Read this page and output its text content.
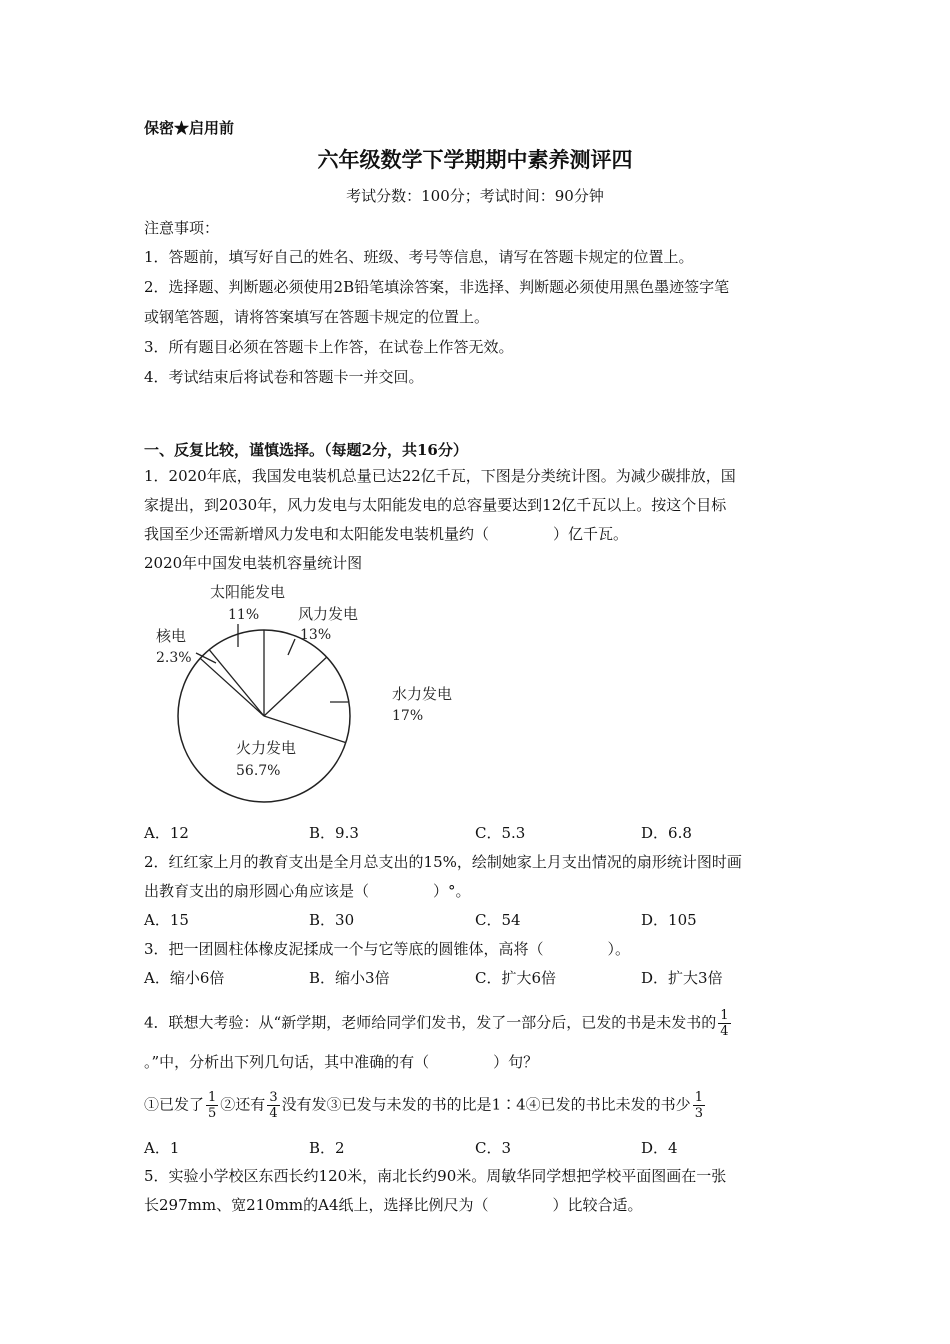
保密★启用前
六年级数学下学期期中素养测评四
考试分数：100分；考试时间：90分钟
注意事项：
1．答题前，填写好自己的姓名、班级、考号等信息，请写在答题卡规定的位置上。
2．选择题、判断题必须使用2B铅笔填涂答案，非选择、判断题必须使用黑色墨迹签字笔
或钢笔答题，请将答案填写在答题卡规定的位置上。
3．所有题目必须在答题卡上作答，在试卷上作答无效。
4．考试结束后将试卷和答题卡一并交回。
一、反复比较，谨慎选择。（每题2分，共16分）
1．2020年底，我国发电装机总量已达22亿千瓦，下图是分类统计图。为减少碳排放，国
家提出，到2030年，风力发电与太阳能发电的总容量要达到12亿千瓦以上。按这个目标
我国至少还需新增风力发电和太阳能发电装机量约（	）亿千瓦。
2020年中国发电装机容量统计图
风力发电
13%
水力发电
17%
火力发电
56.7%
核电
2.3%
太阳能发电
11%
A．12	B．9.3	C．5.3	D．6.8
2．红红家上月的教育支出是全月总支出的15%，绘制她家上月支出情况的扇形统计图时画
出教育支出的扇形圆心角应该是（	）°。
A．15	B．30	C．54	D．105
3．把一团圆柱体橡皮泥揉成一个与它等底的圆锥体，高将（	）。
A．缩小6倍	B．缩小3倍	C．扩大6倍	D．扩大3倍
4．联想大考验：从“新学期，老师给同学们发书，发了一部分后，已发的书是未发书的 $\frac{1}{4}$
。”中，分析出下列几句话，其中准确的有（	）句？
①已发了 $\frac{1}{5}$ ②还有 $\frac{3}{4}$ 没有发③已发与未发的书的比是1∶4④已发的书比未发的书少 $\frac{1}{3}$
A．1	B．2	C．3	D．4
5．实验小学校区东西长约120米，南北长约90米。周敏华同学想把学校平面图画在一张
长297mm、宽210mm的A4纸上，选择比例尺为（	）比较合适。
